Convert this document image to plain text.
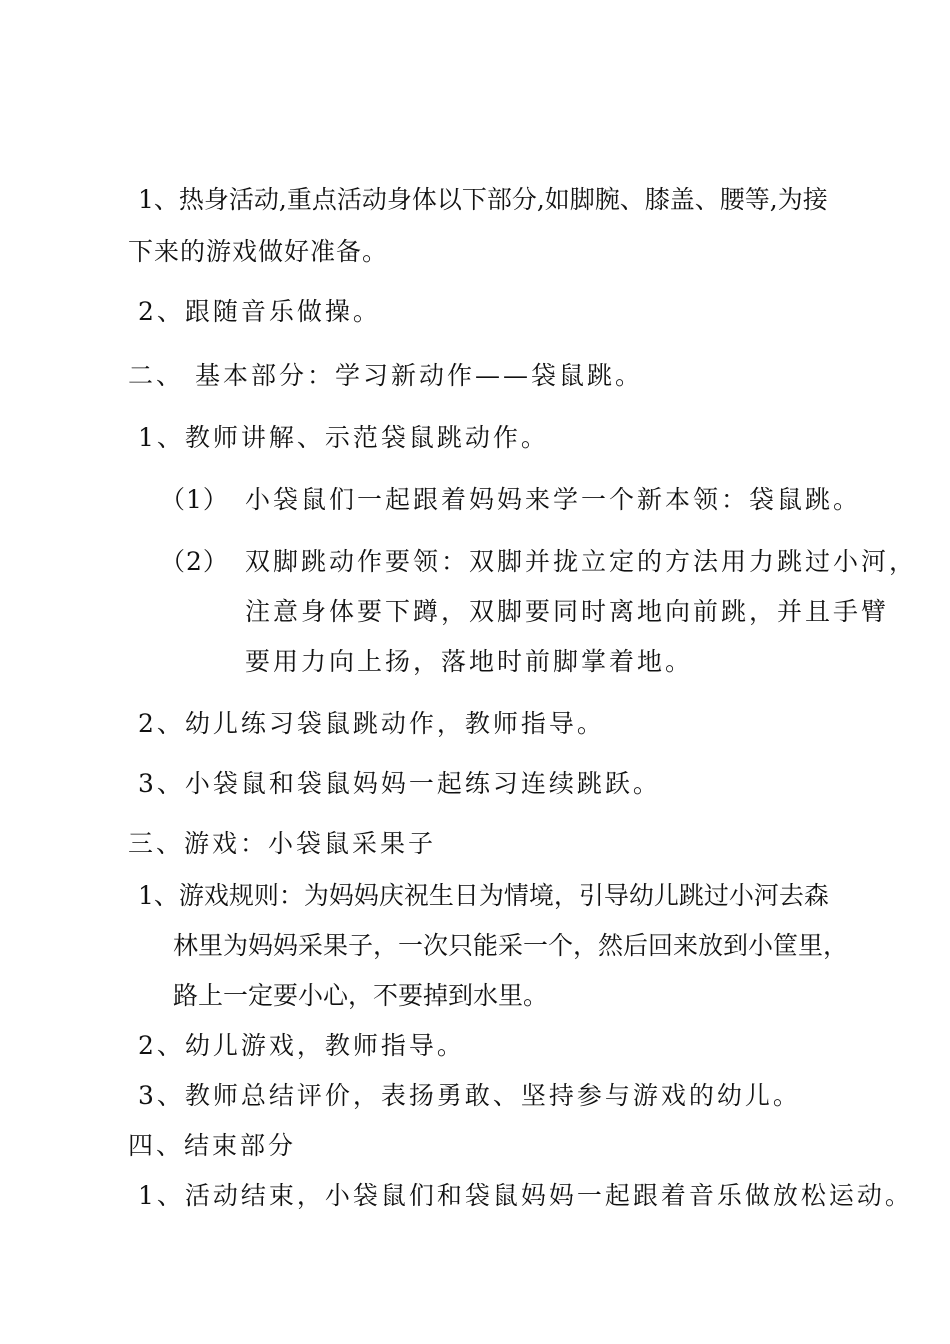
1、热身活动,重点活动身体以下部分,如脚腕、膝盖、腰等,为接
下来的游戏做好准备。
2、跟随音乐做操。
二、 基本部分：学习新动作——袋鼠跳。
1、教师讲解、示范袋鼠跳动作。
（1） 小袋鼠们一起跟着妈妈来学一个新本领：袋鼠跳。
（2） 双脚跳动作要领：双脚并拢立定的方法用力跳过小河，
注意身体要下蹲，双脚要同时离地向前跳，并且手臂
要用力向上扬，落地时前脚掌着地。
2、幼儿练习袋鼠跳动作，教师指导。
3、小袋鼠和袋鼠妈妈一起练习连续跳跃。
三、游戏：小袋鼠采果子
1、游戏规则：为妈妈庆祝生日为情境，引导幼儿跳过小河去森
林里为妈妈采果子，一次只能采一个，然后回来放到小筐里，
路上一定要小心，不要掉到水里。
2、幼儿游戏，教师指导。
3、教师总结评价，表扬勇敢、坚持参与游戏的幼儿。
四、结束部分
1、活动结束，小袋鼠们和袋鼠妈妈一起跟着音乐做放松运动。
